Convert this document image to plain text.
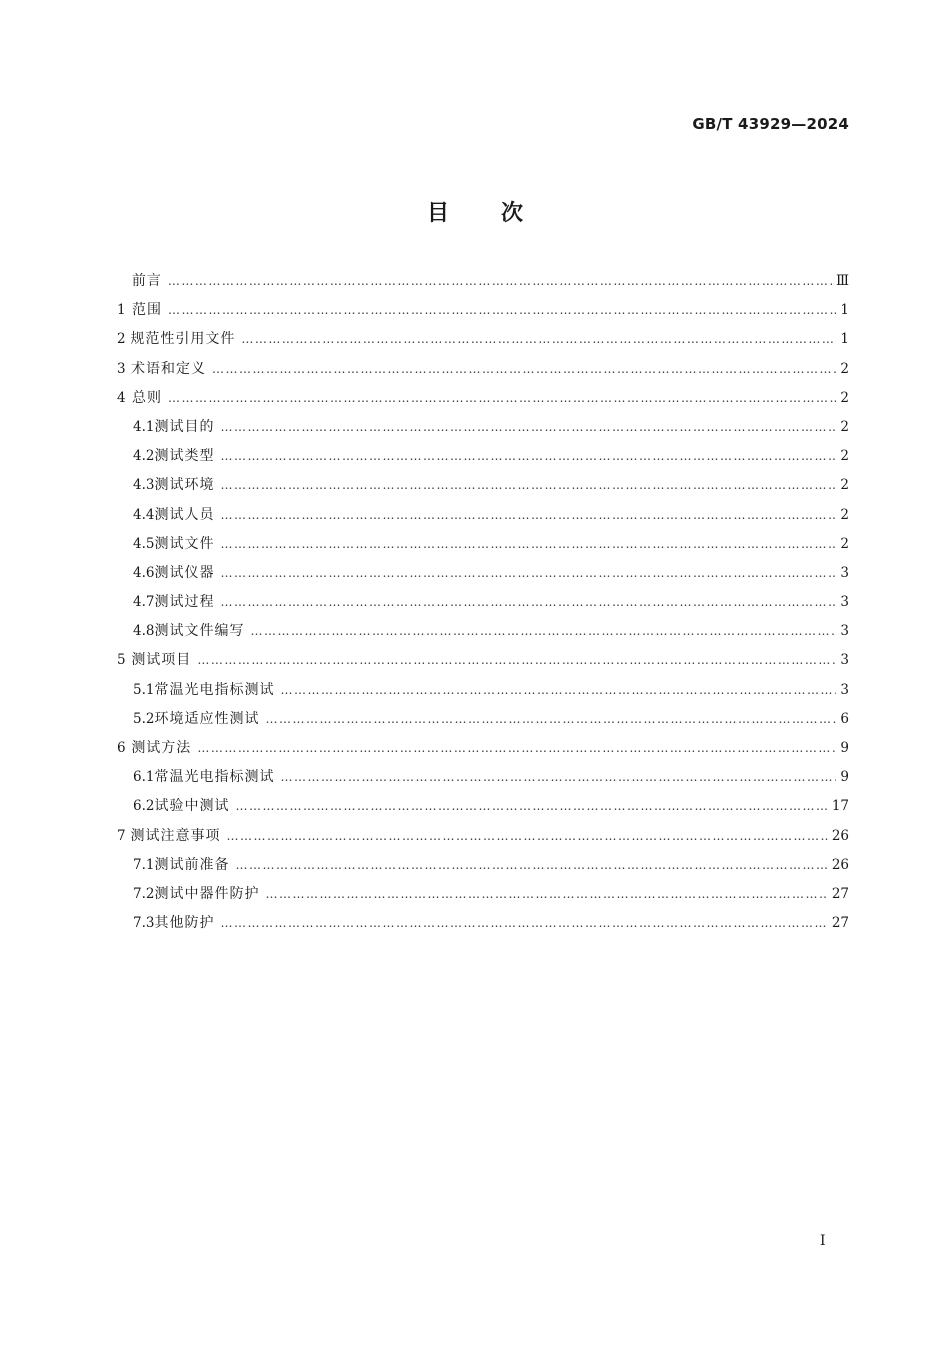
GB/T 43929—2024
目次
前言 ……………………………………………………………………………………………………………………………………………………………………………………………………………………………………	Ⅲ
1 范围 ……………………………………………………………………………………………………………………………………………………………………………………………………………………………………	1
2 规范性引用文件 ……………………………………………………………………………………………………………………………………………………………………………………………………………………………………	1
3 术语和定义 ……………………………………………………………………………………………………………………………………………………………………………………………………………………………………	2
4 总则 ……………………………………………………………………………………………………………………………………………………………………………………………………………………………………	2
4.1 测试目的 ……………………………………………………………………………………………………………………………………………………………………………………………………………………………………	2
4.2 测试类型 ……………………………………………………………………………………………………………………………………………………………………………………………………………………………………	2
4.3 测试环境 ……………………………………………………………………………………………………………………………………………………………………………………………………………………………………	2
4.4 测试人员 ……………………………………………………………………………………………………………………………………………………………………………………………………………………………………	2
4.5 测试文件 ……………………………………………………………………………………………………………………………………………………………………………………………………………………………………	2
4.6 测试仪器 ……………………………………………………………………………………………………………………………………………………………………………………………………………………………………	3
4.7 测试过程 ……………………………………………………………………………………………………………………………………………………………………………………………………………………………………	3
4.8 测试文件编写 ……………………………………………………………………………………………………………………………………………………………………………………………………………………………………	3
5 测试项目 ……………………………………………………………………………………………………………………………………………………………………………………………………………………………………	3
5.1 常温光电指标测试 ……………………………………………………………………………………………………………………………………………………………………………………………………………………………………	3
5.2 环境适应性测试 ……………………………………………………………………………………………………………………………………………………………………………………………………………………………………	6
6 测试方法 ……………………………………………………………………………………………………………………………………………………………………………………………………………………………………	9
6.1 常温光电指标测试 ……………………………………………………………………………………………………………………………………………………………………………………………………………………………………	9
6.2 试验中测试 ……………………………………………………………………………………………………………………………………………………………………………………………………………………………………	17
7 测试注意事项 ……………………………………………………………………………………………………………………………………………………………………………………………………………………………………	26
7.1 测试前准备 ……………………………………………………………………………………………………………………………………………………………………………………………………………………………………	26
7.2 测试中器件防护 ……………………………………………………………………………………………………………………………………………………………………………………………………………………………………	27
7.3 其他防护 ……………………………………………………………………………………………………………………………………………………………………………………………………………………………………	27
Ⅰ
